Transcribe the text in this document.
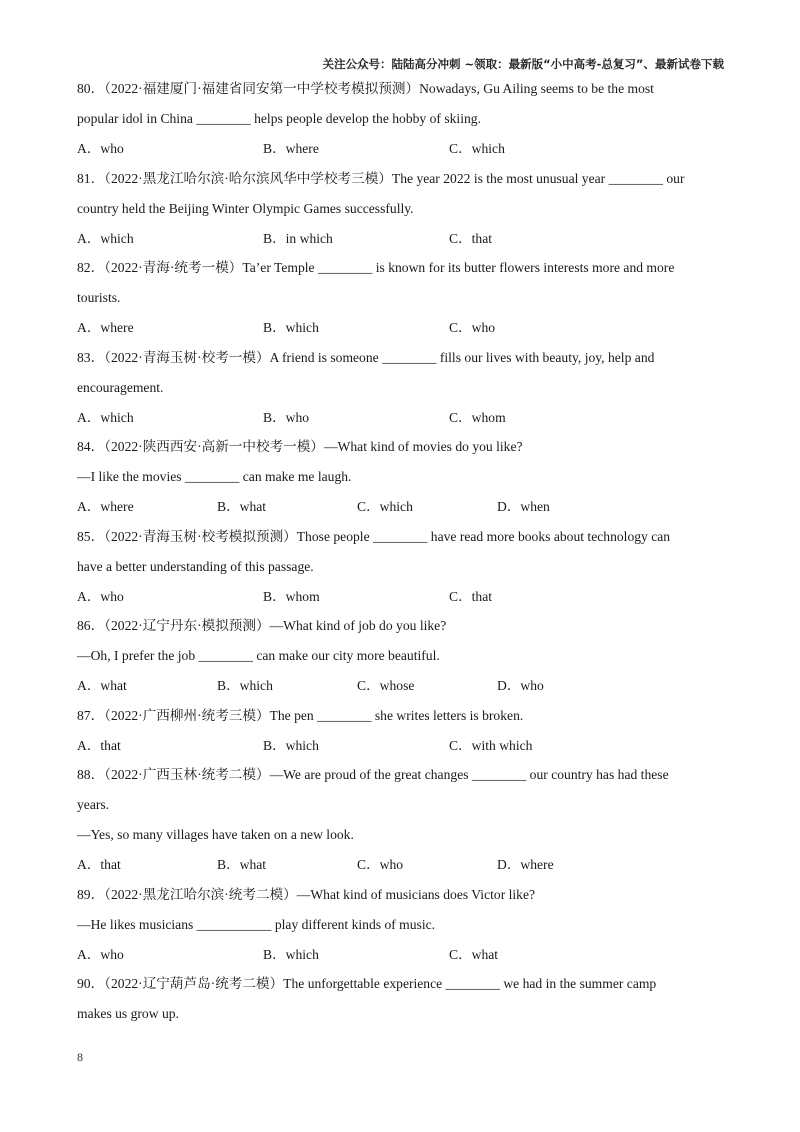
关注公众号：陆陆高分冲刺 ~领取：最新版“小中高考-总复习”、最新试卷下载
80．（2022·福建厦门·福建省同安第一中学校考模拟预测）Nowadays, Gu Ailing seems to be the most
popular idol in China ________ helps people develop the hobby of skiing.
A．who	B．where	C．which
81．（2022·黑龙江哈尔滨·哈尔滨风华中学校考三模）The year 2022 is the most unusual year ________ our
country held the Beijing Winter Olympic Games successfully.
A．which	B．in which	C．that
82．（2022·青海·统考一模）Ta’er Temple ________ is known for its butter flowers interests more and more
tourists.
A．where	B．which	C．who
83．（2022·青海玉树·校考一模）A friend is someone ________ fills our lives with beauty, joy, help and
encouragement.
A．which	B．who	C．whom
84．（2022·陕西西安·高新一中校考一模）—What kind of movies do you like?
—I like the movies ________ can make me laugh.
A．where	B．what	C．which	D．when
85．（2022·青海玉树·校考模拟预测）Those people ________ have read more books about technology can
have a better understanding of this passage.
A．who	B．whom	C．that
86．（2022·辽宁丹东·模拟预测）—What kind of job do you like?
—Oh, I prefer the job ________ can make our city more beautiful.
A．what	B．which	C．whose	D．who
87．（2022·广西柳州·统考三模）The pen ________ she writes letters is broken.
A．that	B．which	C．with which
88．（2022·广西玉林·统考二模）—We are proud of the great changes ________ our country has had these
years.
—Yes, so many villages have taken on a new look.
A．that	B．what	C．who	D．where
89．（2022·黑龙江哈尔滨·统考二模）—What kind of musicians does Victor like?
—He likes musicians ___________ play different kinds of music.
A．who	B．which	C．what
90．（2022·辽宁葫芦岛·统考二模）The unforgettable experience ________ we had in the summer camp
makes us grow up.
8
